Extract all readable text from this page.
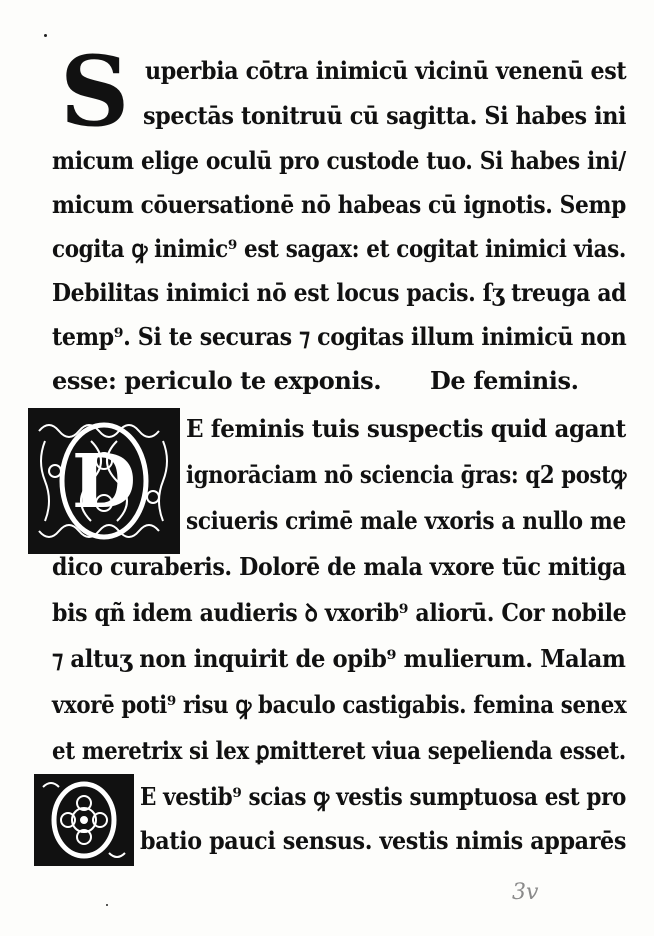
S uperbia cōtra inimicū vicinū venenū est
spectās tonitruū cū sagitta. Si habes ini
micum elige oculū pro custode tuo. Si habes ini/
micum cōuersationē nō habeas cū ignotis. Semp
cogita ꝙ inimic⁹ est sagax: et cogitat inimici vias.
Debilitas inimici nō est locus pacis. ſʒ treuga ad
temp⁹. Si te securas ⁊ cogitas illum inimicū non
esse: periculo te exponis. De feminis.
D
E feminis tuis suspectis quid agant
ignorāciam nō sciencia ḡras: q2 postꝙ
sciueris crimē male vxoris a nullo me
dico curaberis. Dolorē de mala vxore tūc mitiga
bis qñ idem audieris ꝺ vxorib⁹ aliorū. Cor nobile
⁊ altuʒ non inquirit de opib⁹ mulierum. Malam
vxorē poti⁹ risu ꝙ baculo castigabis. femina senex
et meretrix si lex ꝑmitteret viua sepelienda esset.
D E vestib⁹ scias ꝙ vestis sumptuosa est pro
batio pauci sensus. vestis nimis apparēs
3v
